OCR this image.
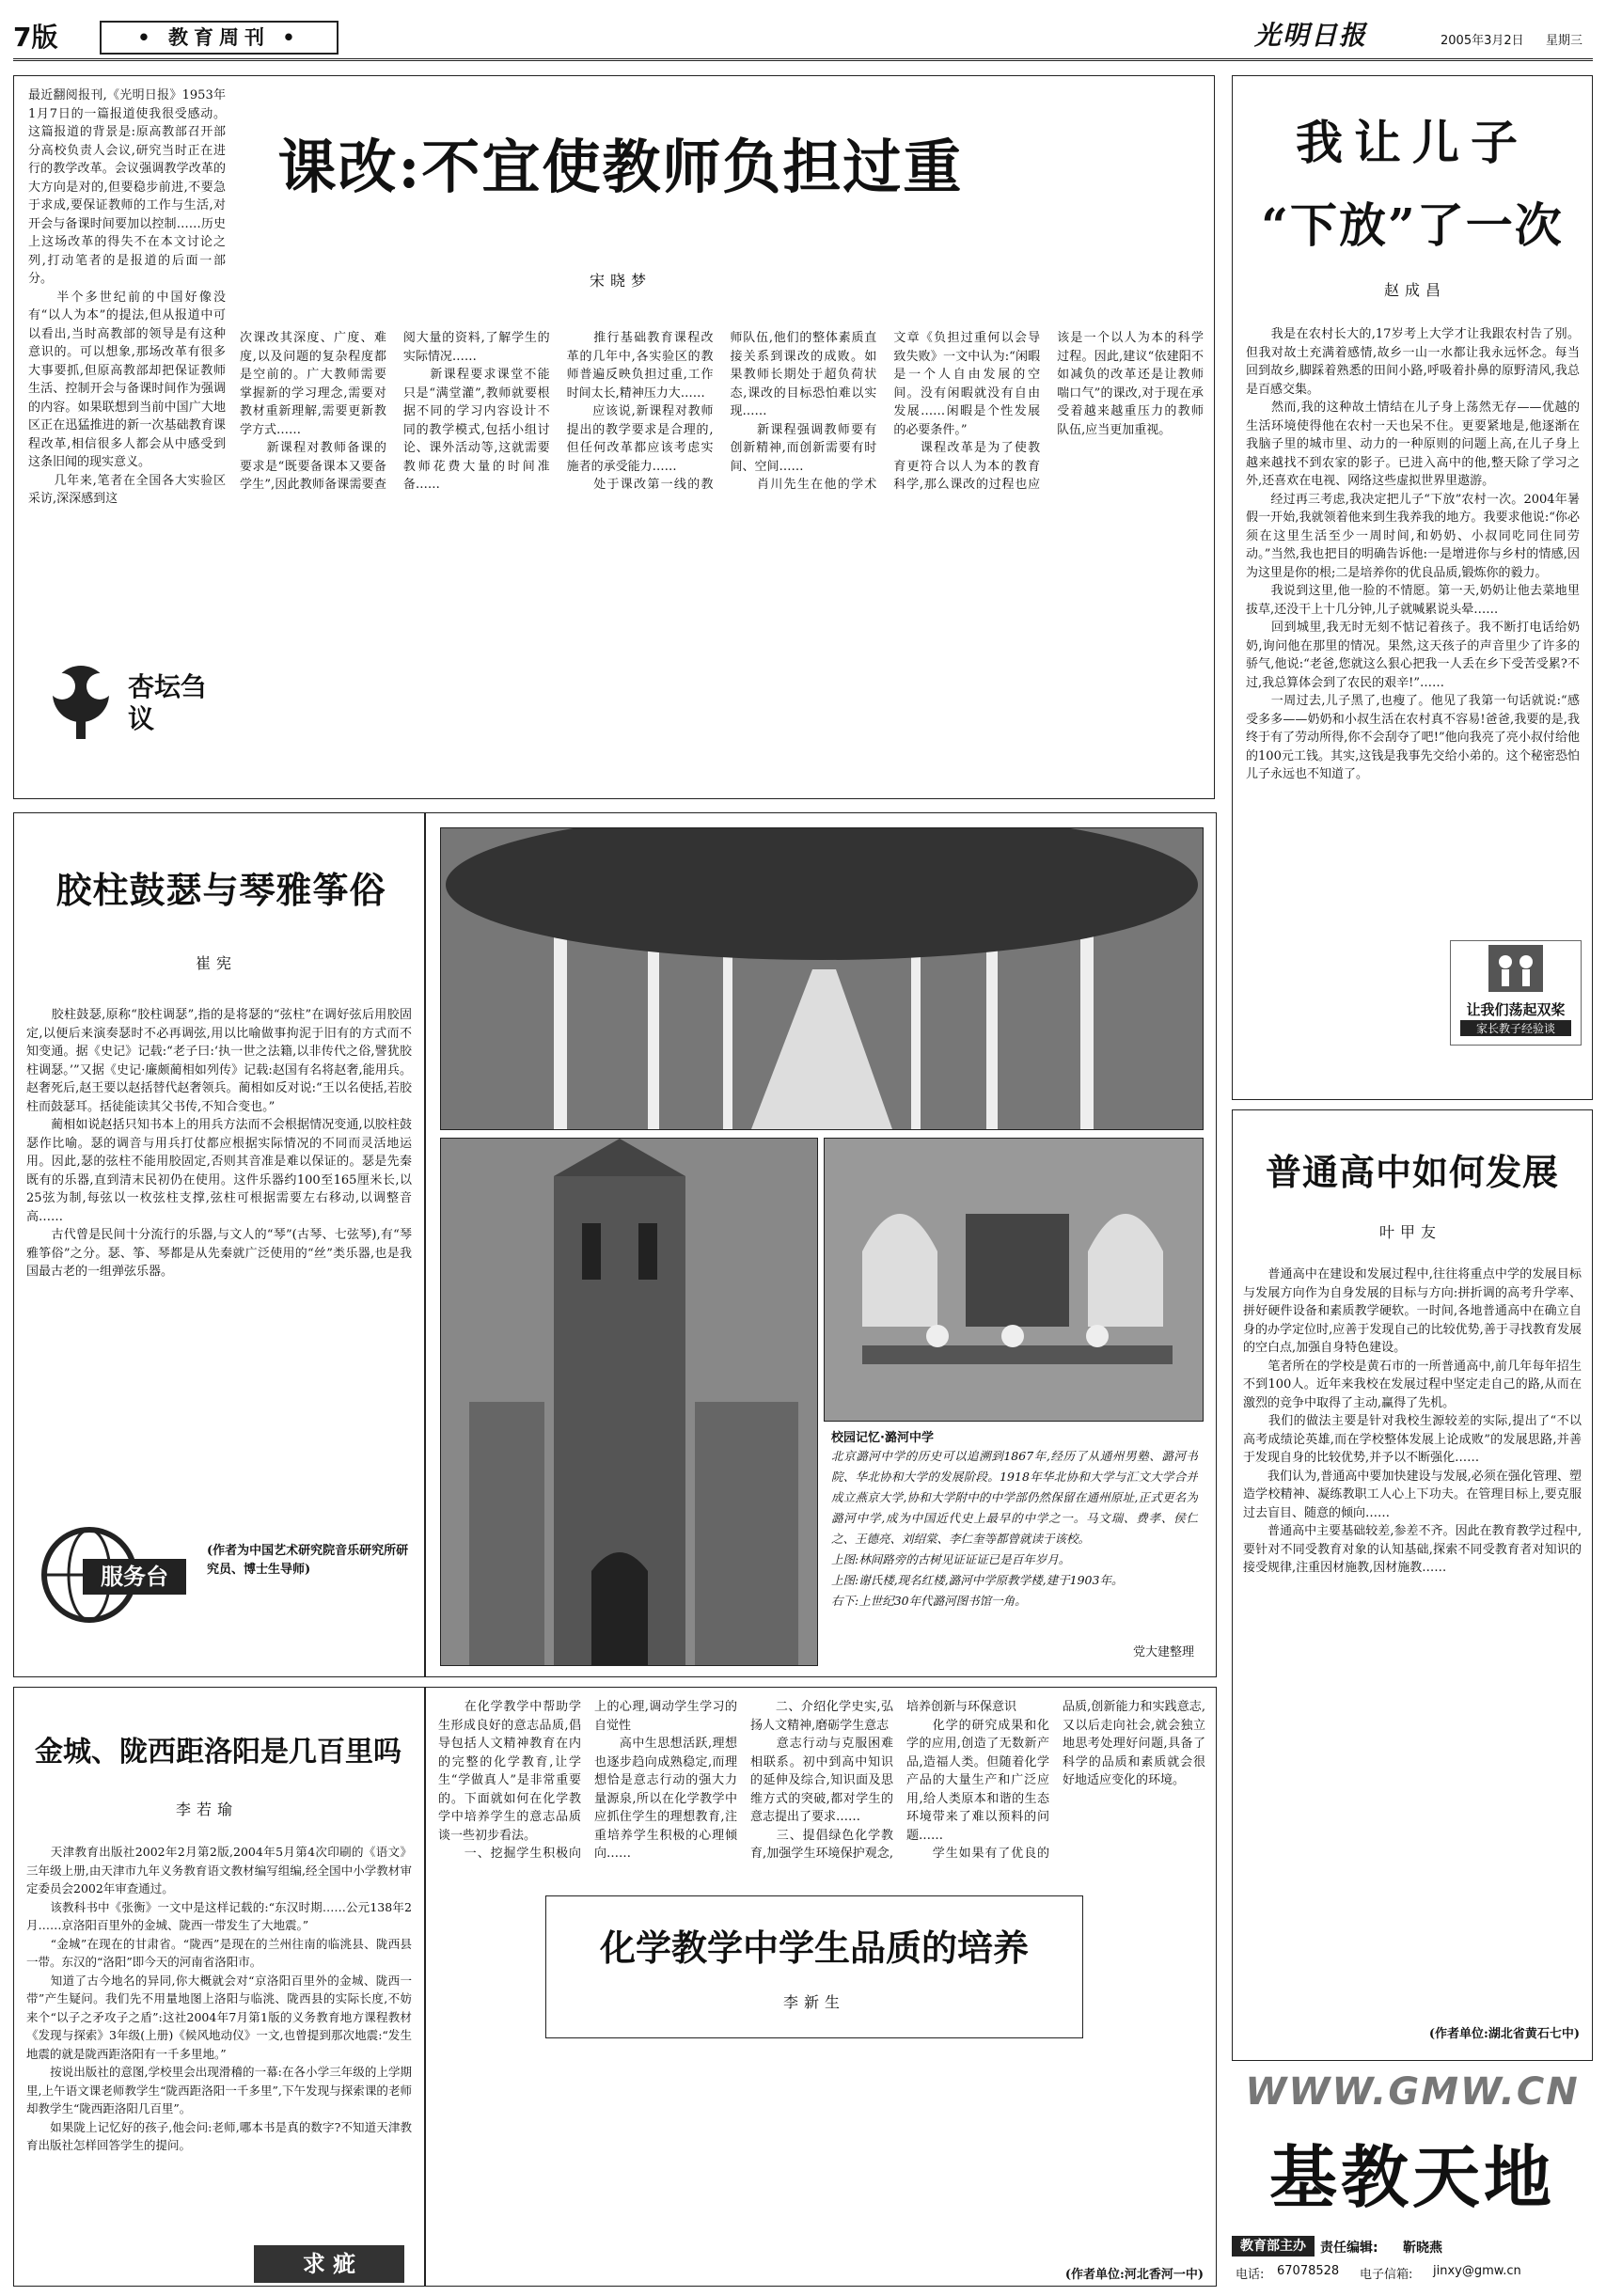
7版	• 教育周刊 •	光明日报	2005年3月2日	星期三
课改:不宜使教师负担过重
宋晓梦
最近翻阅报刊,《光明日报》1953年1月7日的一篇报道使我很受感动。这篇报道的背景是:原高教部召开部分高校负责人会议,研究当时正在进行的教学改革。会议强调教学改革的大方向是对的,但要稳步前进,不要急于求成,要保证教师的工作与生活,对开会与备课时间要加以控制……历史上这场改革的得失不在本文讨论之列,打动笔者的是报道的后面一部分。
　　半个多世纪前的中国好像没有“以人为本”的提法,但从报道中可以看出,当时高教部的领导是有这种意识的。可以想象,那场改革有很多大事要抓,但原高教部却把保证教师生活、控制开会与备课时间作为强调的内容。如果联想到当前中国广大地区正在迅猛推进的新一次基础教育课程改革,相信很多人都会从中感受到这条旧闻的现实意义。
　　几年来,笔者在全国各大实验区采访,深深感到这
杏坛刍议
次课改其深度、广度、难度,以及问题的复杂程度都是空前的。广大教师需要掌握新的学习理念,需要对教材重新理解,需要更新教学方式……
　　新课程对教师备课的要求是“既要备课本又要备学生”,因此教师备课需要查阅大量的资料,了解学生的实际情况……
　　新课程要求课堂不能只是“满堂灌”,教师就要根据不同的学习内容设计不同的教学模式,包括小组讨论、课外活动等,这就需要教师花费大量的时间准备……
　　推行基础教育课程改革的几年中,各实验区的教师普遍反映负担过重,工作时间太长,精神压力大……
　　应该说,新课程对教师提出的教学要求是合理的,但任何改革都应该考虑实施者的承受能力……
　　处于课改第一线的教师队伍,他们的整体素质直接关系到课改的成败。如果教师长期处于超负荷状态,课改的目标恐怕难以实现……
　　新课程强调教师要有创新精神,而创新需要有时间、空间……
　　肖川先生在他的学术文章《负担过重何以会导致失败》一文中认为:“闲暇是一个人自由发展的空间。没有闲暇就没有自由发展……闲暇是个性发展的必要条件。”
　　课程改革是为了使教育更符合以人为本的教育科学,那么课改的过程也应该是一个以人为本的科学过程。因此,建议“依建阳不如减负的改革还是让教师喘口气”的课改,对于现在承受着越来越重压力的教师队伍,应当更加重视。
我让儿子
“下放”了一次
赵成昌
　　我是在农村长大的,17岁考上大学才让我跟农村告了别。但我对故土充满着感情,故乡一山一水都让我永远怀念。每当回到故乡,脚踩着熟悉的田间小路,呼吸着扑鼻的原野清风,我总是百感交集。
　　然而,我的这种故土情结在儿子身上荡然无存——优越的生活环境使得他在农村一天也呆不住。更要紧地是,他逐渐在我脑子里的城市里、动力的一种原则的问题上高,在儿子身上越来越找不到农家的影子。已进入高中的他,整天除了学习之外,还喜欢在电视、网络这些虚拟世界里遨游。
　　经过再三考虑,我决定把儿子“下放”农村一次。2004年暑假一开始,我就领着他来到生我养我的地方。我要求他说:“你必须在这里生活至少一周时间,和奶奶、小叔同吃同住同劳动。”当然,我也把目的明确告诉他:一是增进你与乡村的情感,因为这里是你的根;二是培养你的优良品质,锻炼你的毅力。
　　我说到这里,他一脸的不情愿。第一天,奶奶让他去菜地里拔草,还没干上十几分钟,儿子就喊累说头晕……
　　回到城里,我无时无刻不惦记着孩子。我不断打电话给奶奶,询问他在那里的情况。果然,这天孩子的声音里少了许多的骄气,他说:“老爸,您就这么狠心把我一人丢在乡下受苦受累?不过,我总算体会到了农民的艰辛!”……
　　一周过去,儿子黑了,也瘦了。他见了我第一句话就说:“感受多多——奶奶和小叔生活在农村真不容易!爸爸,我要的是,我终于有了劳动所得,你不会刮夺了吧!”他向我亮了亮小叔付给他的100元工钱。其实,这钱是我事先交给小弟的。这个秘密恐怕儿子永远也不知道了。
让我们荡起双桨
家长教子经验谈
胶柱鼓瑟与琴雅筝俗
崔宪
　　胶柱鼓瑟,原称“胶柱调瑟”,指的是将瑟的“弦柱”在调好弦后用胶固定,以便后来演奏瑟时不必再调弦,用以比喻做事拘泥于旧有的方式而不知变通。据《史记》记载:“老子曰:‘执一世之法籍,以非传代之俗,譬犹胶柱调瑟。’”又据《史记·廉颇蔺相如列传》记载:赵国有名将赵奢,能用兵。赵奢死后,赵王要以赵括替代赵奢领兵。蔺相如反对说:“王以名使括,若胶柱而鼓瑟耳。括徒能读其父书传,不知合变也。”
　　蔺相如说赵括只知书本上的用兵方法而不会根据情况变通,以胶柱鼓瑟作比喻。瑟的调音与用兵打仗都应根据实际情况的不同而灵活地运用。因此,瑟的弦柱不能用胶固定,否则其音准是难以保证的。瑟是先秦既有的乐器,直到清末民初仍在使用。这件乐器约100至165厘米长,以25弦为制,每弦以一枚弦柱支撑,弦柱可根据需要左右移动,以调整音高……
　　古代曾是民间十分流行的乐器,与文人的“琴”(古琴、七弦琴),有“琴雅筝俗”之分。瑟、筝、琴都是从先秦就广泛使用的“丝”类乐器,也是我国最古老的一组弹弦乐器。
服务台
(作者为中国艺术研究院音乐研究所研究员、博士生导师)
校园记忆·潞河中学
北京潞河中学的历史可以追溯到1867年,经历了从通州男塾、潞河书院、华北协和大学的发展阶段。1918年华北协和大学与汇文大学合并成立燕京大学,协和大学附中的中学部仍然保留在通州原址,正式更名为潞河中学,成为中国近代史上最早的中学之一。马文瑞、费孝、侯仁之、王德亮、刘绍棠、李仁奎等都曾就读于该校。
上图:林间路旁的古树见证证证已是百年岁月。
上图:谢氏楼,现名红楼,潞河中学原教学楼,建于1903年。
右下:上世纪30年代潞河图书馆一角。
党大建整理
普通高中如何发展
叶甲友
　　普通高中在建设和发展过程中,往往将重点中学的发展目标与发展方向作为自身发展的目标与方向:拼折调的高考升学率、拼好硬件设备和素质教学硬软。一时间,各地普通高中在确立自身的办学定位时,应善于发现自己的比较优势,善于寻找教育发展的空白点,加强自身特色建设。
　　笔者所在的学校是黄石市的一所普通高中,前几年每年招生不到100人。近年来我校在发展过程中坚定走自己的路,从而在激烈的竞争中取得了主动,赢得了先机。
　　我们的做法主要是针对我校生源较差的实际,提出了“不以高考成绩论英雄,而在学校整体发展上论成败”的发展思路,并善于发现自身的比较优势,并予以不断强化……
　　我们认为,普通高中要加快建设与发展,必须在强化管理、塑造学校精神、凝练教职工人心上下功夫。在管理目标上,要克服过去盲目、随意的倾向……
　　普通高中主要基础较差,参差不齐。因此在教育教学过程中,要针对不同受教育对象的认知基础,探索不同受教育者对知识的接受规律,注重因材施教,因材施教……
(作者单位:湖北省黄石七中)
金城、陇西距洛阳是几百里吗
李若瑜
　　天津教育出版社2002年2月第2版,2004年5月第4次印刷的《语文》三年级上册,由天津市九年义务教育语文教材编写组编,经全国中小学教材审定委员会2002年审查通过。
　　该教科书中《张衡》一文中是这样记载的:“东汉时期……公元138年2月……京洛阳百里外的金城、陇西一带发生了大地震。”
　　“金城”在现在的甘肃省。“陇西”是现在的兰州往南的临洮县、陇西县一带。东汉的“洛阳”即今天的河南省洛阳市。
　　知道了古今地名的异同,你大概就会对“京洛阳百里外的金城、陇西一带”产生疑问。我们先不用量地图上洛阳与临洮、陇西县的实际长度,不妨来个“以子之矛攻子之盾”:这社2004年7月第1版的义务教育地方课程教材《发现与探索》3年级(上册)《候风地动仪》一文,也曾提到那次地震:“发生地震的就是陇西距洛阳有一千多里地。”
　　按说出版社的意图,学校里会出现滑稽的一幕:在各小学三年级的上学期里,上午语文课老师教学生“陇西距洛阳一千多里”,下午发现与探索课的老师却教学生“陇西距洛阳几百里”。
　　如果陇上记忆好的孩子,他会问:老师,哪本书是真的数字?不知道天津教育出版社怎样回答学生的提问。
求 疵
　　在化学教学中帮助学生形成良好的意志品质,倡导包括人文精神教育在内的完整的化学教育,让学生“学做真人”是非常重要的。下面就如何在化学教学中培养学生的意志品质谈一些初步看法。
　　一、挖掘学生积极向上的心理,调动学生学习的自觉性
　　高中生思想活跃,理想也逐步趋向成熟稳定,而理想恰是意志行动的强大力量源泉,所以在化学教学中应抓住学生的理想教育,注重培养学生积极的心理倾向……
　　二、介绍化学史实,弘扬人文精神,磨砺学生意志
　　意志行动与克服困难相联系。初中到高中知识的延伸及综合,知识面及思维方式的突破,都对学生的意志提出了要求……
　　三、提倡绿色化学教育,加强学生环境保护观念,培养创新与环保意识
　　化学的研究成果和化学的应用,创造了无数新产品,造福人类。但随着化学产品的大量生产和广泛应用,给人类原本和谐的生态环境带来了难以预料的问题……
　　学生如果有了优良的品质,创新能力和实践意志,又以后走向社会,就会独立地思考处理好问题,具备了科学的品质和素质就会很好地适应变化的环境。
化学教学中学生品质的培养
李新生
(作者单位:河北香河一中)
WWW.GMW.CN
基教天地
教育部主办	责任编辑:	靳晓燕
电话:	67078528	电子信箱:	jinxy@gmw.cn
